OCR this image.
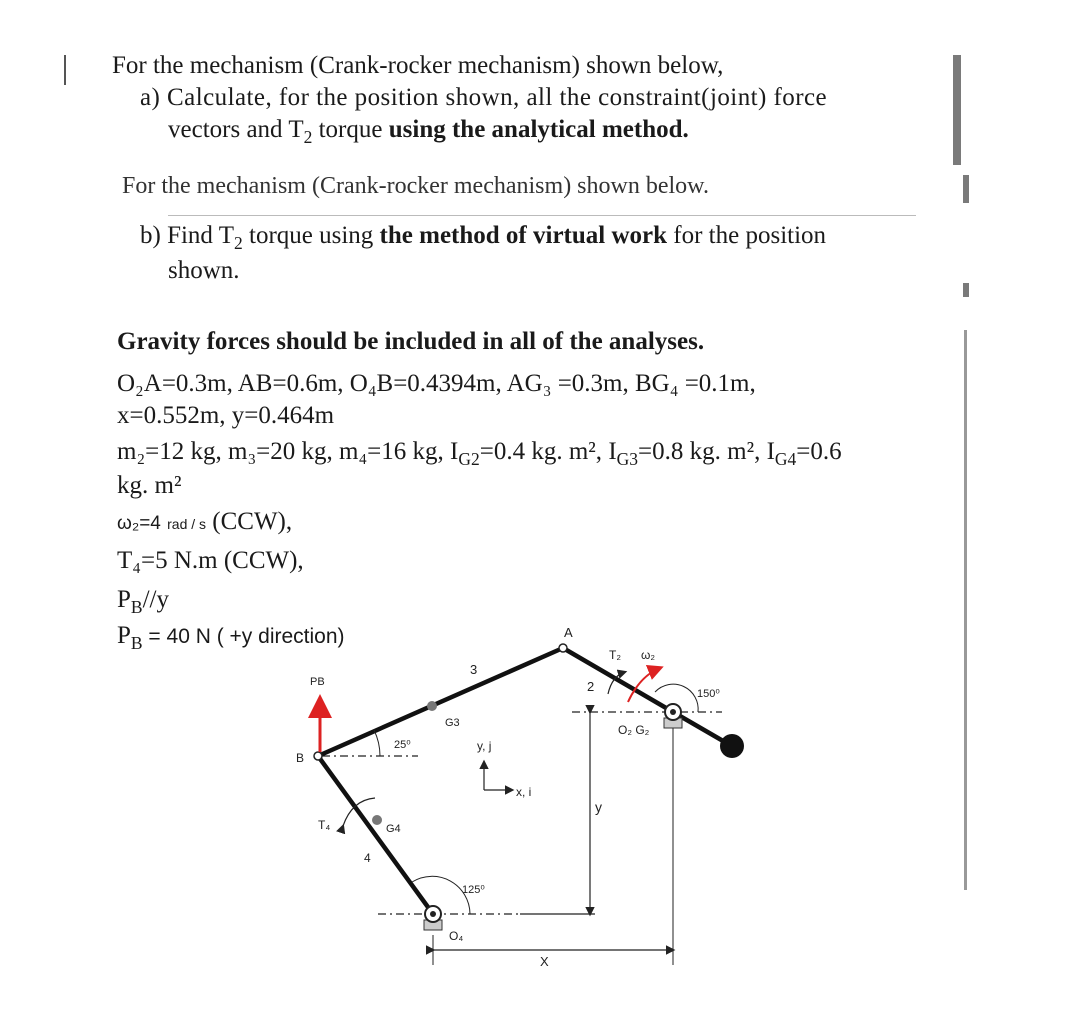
For the mechanism (Crank-rocker mechanism) shown below,
a) Calculate, for the position shown, all the constraint(joint) force
vectors and $T_2$ torque using the analytical method.
For the mechanism (Crank-rocker mechanism) shown below.
b) Find $T_2$ torque using the method of virtual work for the position
shown.
Gravity forces should be included in all of the analyses.
O₂A=0.3m, AB=0.6m, O₄B=0.4394m, AG₃ =0.3m, BG₄ =0.1m,
x=0.552m, y=0.464m
m₂=12 kg, m₃=20 kg, m₄=16 kg, $I_{G2}=0.4$ kg. m², $I_{G3}=0.8$ kg. m², $I_{G4}=0.6$
kg. m²
ω₂=4 rad / s (CCW),
T₄=5 N.m (CCW),
$P_B//y$
$P_B = 40$ N ( +y direction)	A
B
PB
3
2
4
G3
G4
O₂ G₂
O₄
T₂ ω₂
T₄
25⁰
125⁰
150⁰
y, j
x, i
X
y
